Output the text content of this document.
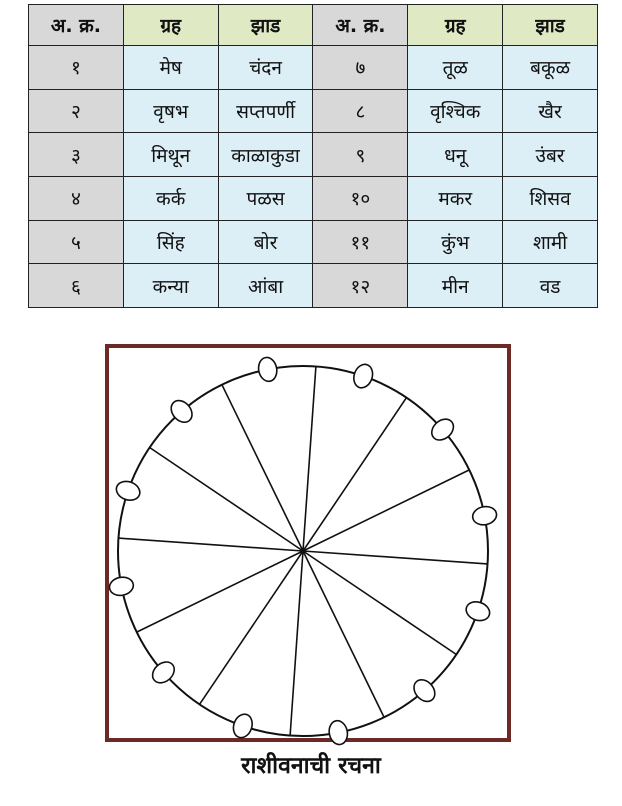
अ. क्र.	ग्रह	झाड	अ. क्र.	ग्रह	झाड
१	मेष	चंदन	७	तूळ	बकूळ
२	वृषभ	सप्तपर्णी	८	वृश्चिक	खैर
३	मिथून	काळाकुडा	९	धनू	उंबर
४	कर्क	पळस	१०	मकर	शिसव
५	सिंह	बोर	११	कुंभ	शामी
६	कन्या	आंबा	१२	मीन	वड
राशीवनाची रचना
